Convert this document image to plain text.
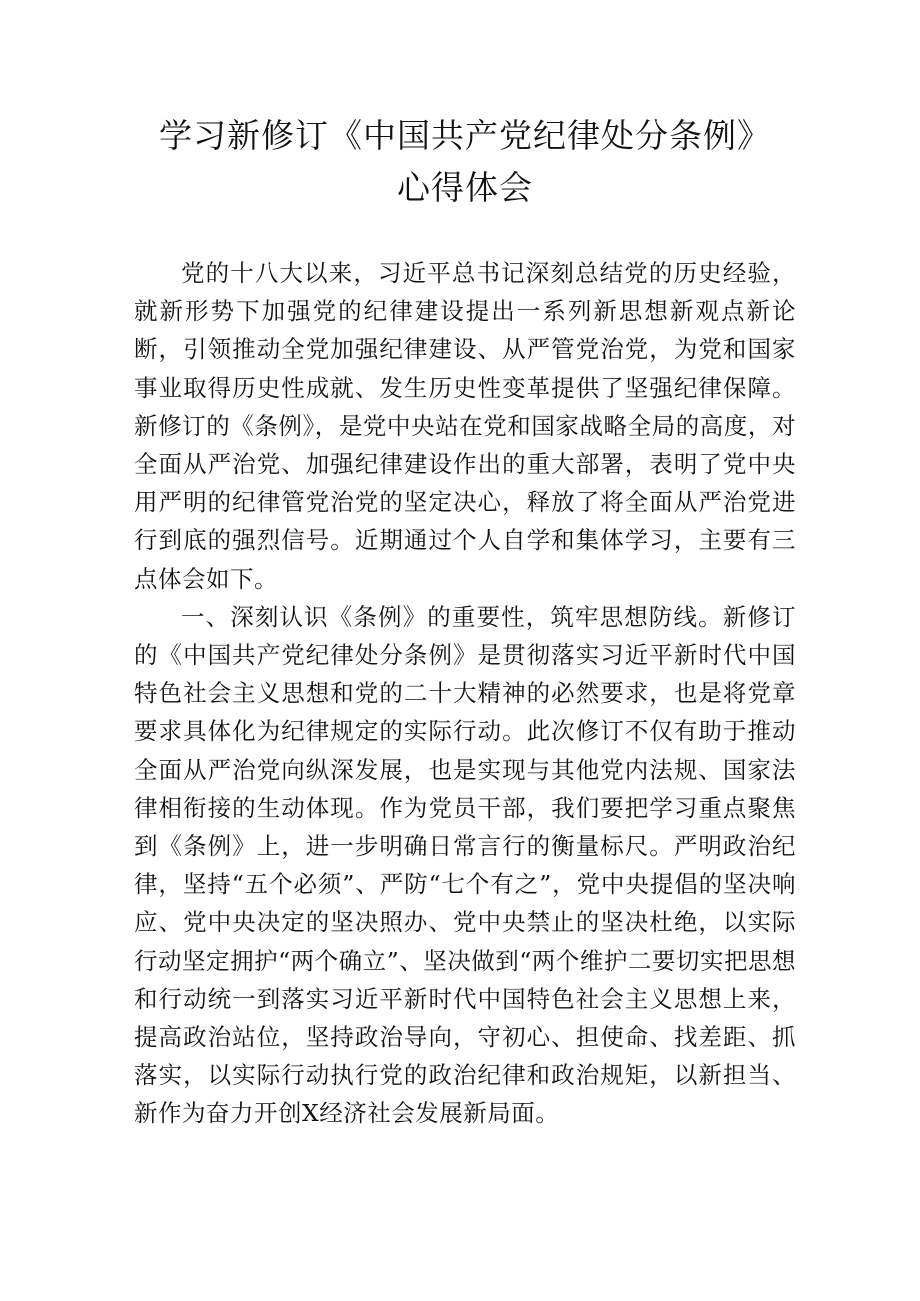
学习新修订《中国共产党纪律处分条例》心得体会

党的十八大以来，习近平总书记深刻总结党的历史经验，就新形势下加强党的纪律建设提出一系列新思想新观点新论断，引领推动全党加强纪律建设、从严管党治党，为党和国家事业取得历史性成就、发生历史性变革提供了坚强纪律保障。新修订的《条例》，是党中央站在党和国家战略全局的高度，对全面从严治党、加强纪律建设作出的重大部署，表明了党中央用严明的纪律管党治党的坚定决心，释放了将全面从严治党进行到底的强烈信号。近期通过个人自学和集体学习，主要有三点体会如下。

一、深刻认识《条例》的重要性，筑牢思想防线。新修订的《中国共产党纪律处分条例》是贯彻落实习近平新时代中国特色社会主义思想和党的二十大精神的必然要求，也是将党章要求具体化为纪律规定的实际行动。此次修订不仅有助于推动全面从严治党向纵深发展，也是实现与其他党内法规、国家法律相衔接的生动体现。作为党员干部，我们要把学习重点聚焦到《条例》上，进一步明确日常言行的衡量标尺。严明政治纪律，坚持“五个必须”、严防“七个有之”，党中央提倡的坚决响应、党中央决定的坚决照办、党中央禁止的坚决杜绝，以实际行动坚定拥护“两个确立”、坚决做到“两个维护二要切实把思想和行动统一到落实习近平新时代中国特色社会主义思想上来，提高政治站位，坚持政治导向，守初心、担使命、找差距、抓落实，以实际行动执行党的政治纪律和政治规矩，以新担当、新作为奋力开创X经济社会发展新局面。
